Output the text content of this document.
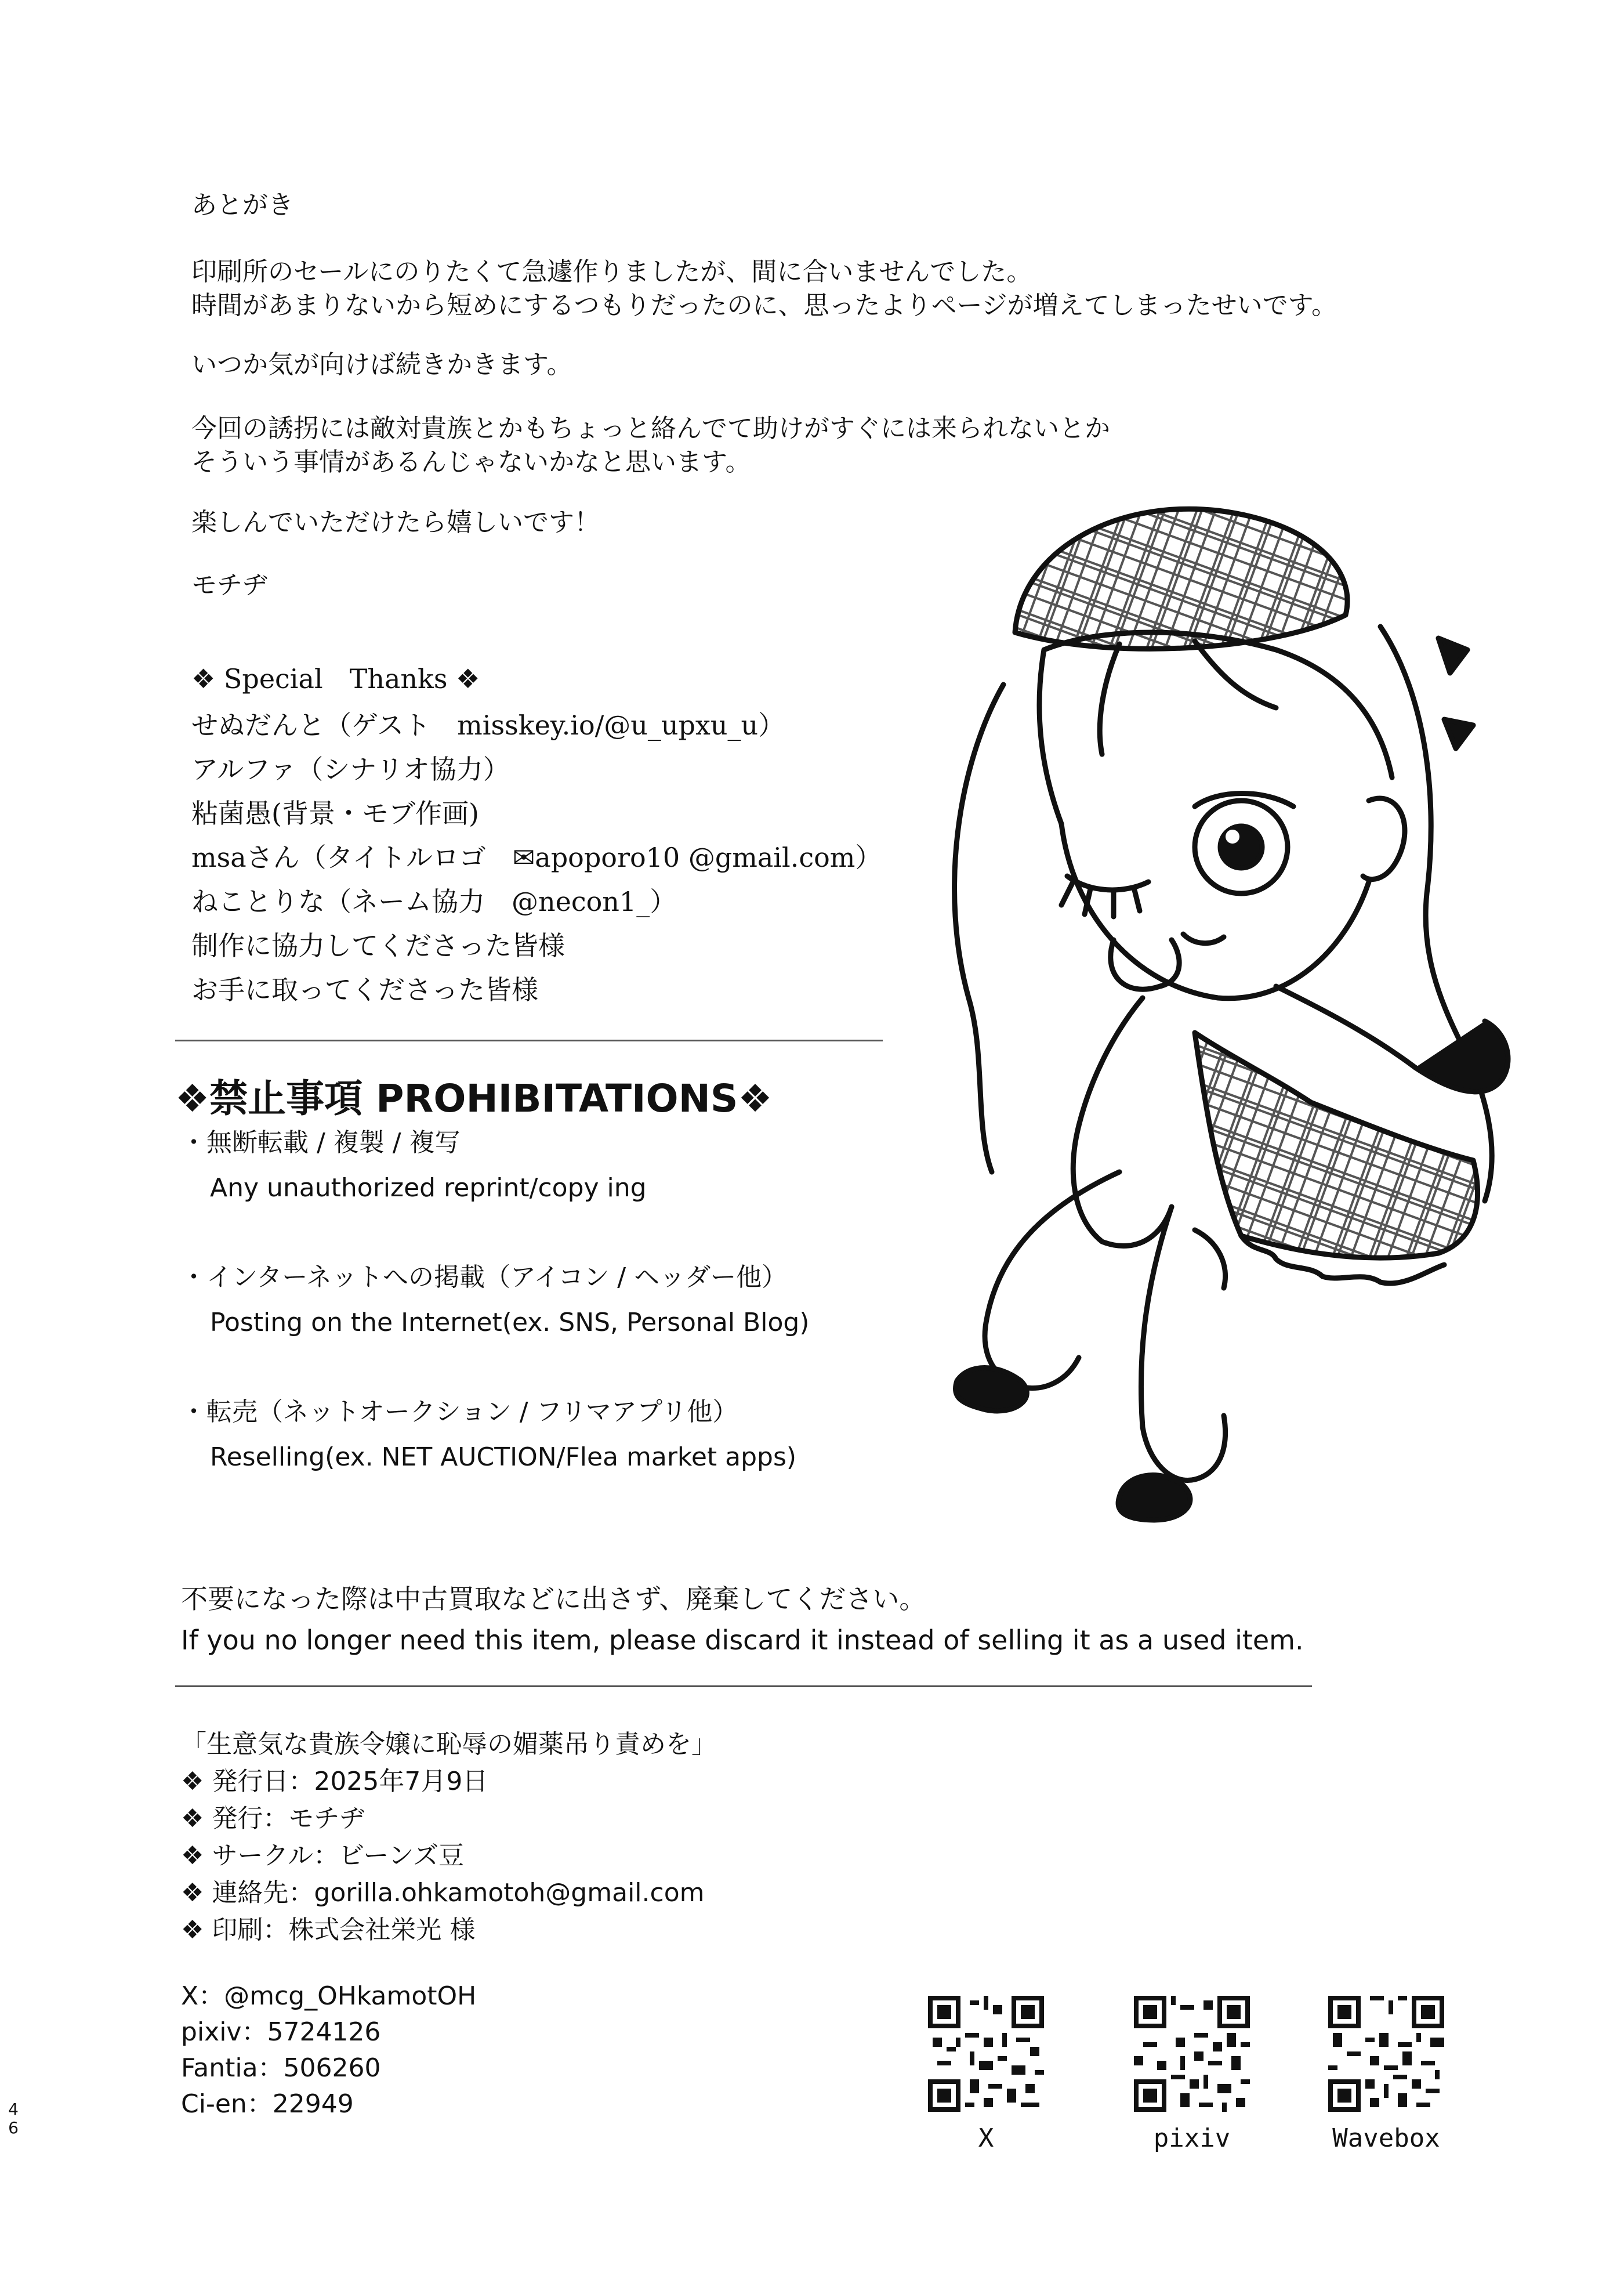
あとがき
印刷所のセールにのりたくて急遽作りましたが、間に合いませんでした。
時間があまりないから短めにするつもりだったのに、思ったよりページが増えてしまったせいです。
いつか気が向けば続きかきます。
今回の誘拐には敵対貴族とかもちょっと絡んでて助けがすぐには来られないとか
そういう事情があるんじゃないかなと思います。
楽しんでいただけたら嬉しいです！
モチヂ
❖ Special　Thanks ❖
せぬだんと（ゲスト　misskey.io/@u_upxu_u）
アルファ（シナリオ協力）
粘菌愚(背景・モブ作画)
msaさん（タイトルロゴ　✉apoporo10 @gmail.com）
ねことりな（ネーム協力　@necon1_）
制作に協力してくださった皆様
お手に取ってくださった皆様
❖禁止事項 PROHIBITATIONS❖
・無断転載 / 複製 / 複写
Any unauthorized reprint/copy ing
・インターネットへの掲載（アイコン / ヘッダー他）
Posting on the Internet(ex. SNS, Personal Blog)
・転売（ネットオークション / フリマアプリ他）
Reselling(ex. NET AUCTION/Flea market apps)
不要になった際は中古買取などに出さず、廃棄してください。
If you no longer need this item, please discard it instead of selling it as a used item.
「生意気な貴族令嬢に恥辱の媚薬吊り責めを」
❖ 発行日：2025年7月9日
❖ 発行：モチヂ
❖ サークル：ビーンズ豆
❖ 連絡先：gorilla.ohkamotoh@gmail.com
❖ 印刷：株式会社栄光 様
X：@mcg_OHkamotOH
pixiv：5724126
Fantia：506260
Ci-en：22949
X	pixiv	Wavebox
46
